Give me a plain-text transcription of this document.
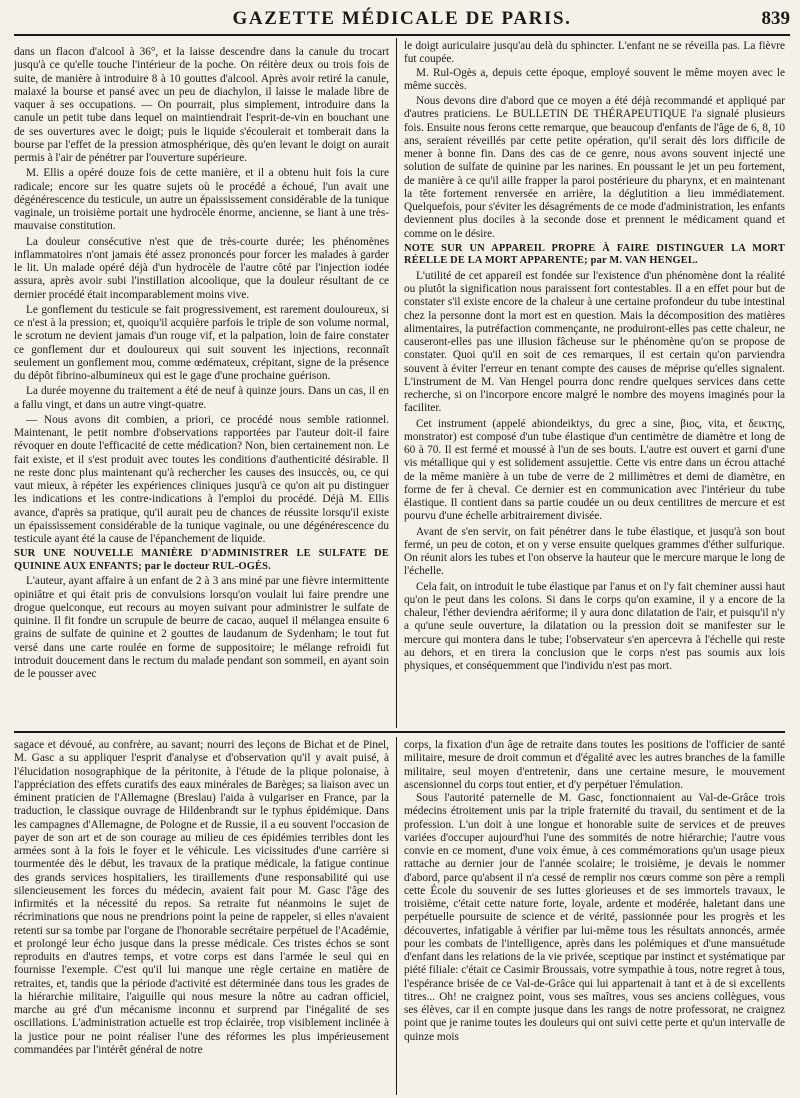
GAZETTE MÉDICALE DE PARIS.	839

dans un flacon d'alcool à 36°, et la laisse descendre dans la canule du trocart jusqu'à ce qu'elle touche l'intérieur de la poche. On réitère deux ou trois fois de suite, de manière à introduire 8 à 10 gouttes d'alcool. Après avoir retiré la canule, malaxé la bourse et pansé avec un peu de diachylon, il laisse le malade libre de vaquer à ses occupations. — On pourrait, plus simplement, introduire dans la canule un petit tube dans lequel on maintiendrait l'esprit-de-vin en bouchant une de ses ouvertures avec le doigt; puis le liquide s'écoulerait et tomberait dans la bourse par l'effet de la pression atmosphérique, dès qu'en levant le doigt on aurait permis à l'air de pénétrer par l'ouverture supérieure.

M. Ellis a opéré douze fois de cette manière, et il a obtenu huit fois la cure radicale; encore sur les quatre sujets où le procédé a échoué, l'un avait une dégénérescence du testicule, un autre un épaississement considérable de la tunique vaginale, un troisième portait une hydrocèle énorme, ancienne, se liant à une très-mauvaise constitution.

La douleur consécutive n'est que de très-courte durée; les phénomènes inflammatoires n'ont jamais été assez prononcés pour forcer les malades à garder le lit. Un malade opéré déjà d'un hydrocèle de l'autre côté par l'injection iodée assura, après avoir subi l'instillation alcoolique, que la douleur résultant de ce dernier procédé était incomparablement moins vive.

Le gonflement du testicule se fait progressivement, est rarement douloureux, si ce n'est à la pression; et, quoiqu'il acquière parfois le triple de son volume normal, le scrotum ne devient jamais d'un rouge vif, et la palpation, loin de faire constater ce gonflement dur et douloureux qui suit souvent les injections, reconnaît seulement un gonflement mou, comme œdémateux, crépitant, signe de la présence du dépôt fibrino-albumineux qui est le gage d'une prochaine guérison.

La durée moyenne du traitement a été de neuf à quinze jours. Dans un cas, il en a fallu vingt, et dans un autre vingt-quatre.

— Nous avons dit combien, a priori, ce procédé nous semble rationnel. Maintenant, le petit nombre d'observations rapportées par l'auteur doit-il faire révoquer en doute l'efficacité de cette médication? Non, bien certainement non. Le fait existe, et il s'est produit avec toutes les conditions d'authenticité désirable. Il ne reste donc plus maintenant qu'à rechercher les causes des insuccès, ou, ce qui vaut mieux, à répéter les expériences cliniques jusqu'à ce qu'on ait pu distinguer les indications et les contre-indications à l'emploi du procédé. Déjà M. Ellis avance, d'après sa pratique, qu'il aurait peu de chances de réussite lorsqu'il existe un épaississement considérable de la tunique vaginale, ou une dégénérescence du testicule ayant été la cause de l'épanchement de liquide.

SUR UNE NOUVELLE MANIÈRE D'ADMINISTRER LE SULFATE DE QUININE AUX ENFANTS; par le docteur RUL-OGÈS.

L'auteur, ayant affaire à un enfant de 2 à 3 ans miné par une fièvre intermittente opiniâtre et qui était pris de convulsions lorsqu'on voulait lui faire prendre une drogue quelconque, eut recours au moyen suivant pour administrer le sulfate de quinine. Il fit fondre un scrupule de beurre de cacao, auquel il mélangea ensuite 6 grains de sulfate de quinine et 2 gouttes de laudanum de Sydenham; le tout fut versé dans une carte roulée en forme de suppositoire; le mélange refroidi fut introduit doucement dans le rectum du malade pendant son sommeil, en ayant soin de le pousser avec

le doigt auriculaire jusqu'au delà du sphincter. L'enfant ne se réveilla pas. La fièvre fut coupée.

M. Rul-Ogès a, depuis cette époque, employé souvent le même moyen avec le même succès.

Nous devons dire d'abord que ce moyen a été déjà recommandé et appliqué par d'autres praticiens. Le BULLETIN DE THÉRAPEUTIQUE l'a signalé plusieurs fois. Ensuite nous ferons cette remarque, que beaucoup d'enfants de l'âge de 6, 8, 10 ans, seraient réveillés par cette petite opération, qu'il serait dès lors difficile de mener à bonne fin. Dans des cas de ce genre, nous avons souvent injecté une solution de sulfate de quinine par les narines. En poussant le jet un peu fortement, de manière à ce qu'il aille frapper la paroi postérieure du pharynx, et en maintenant la tête fortement renversée en arrière, la déglutition a lieu immédiatement. Quelquefois, pour s'éviter les désagréments de ce mode d'administration, les enfants deviennent plus dociles à la seconde dose et prennent le médicament quand et comme on le désire.

NOTE SUR UN APPAREIL PROPRE À FAIRE DISTINGUER LA MORT RÉELLE DE LA MORT APPARENTE; par M. VAN HENGEL.

L'utilité de cet appareil est fondée sur l'existence d'un phénomène dont la réalité ou plutôt la signification nous paraissent fort contestables. Il a en effet pour but de constater s'il existe encore de la chaleur à une certaine profondeur du tube intestinal chez la personne dont la mort est en question. Mais la décomposition des matières alimentaires, la putréfaction commençante, ne produiront-elles pas cette chaleur, ne causeront-elles pas une illusion fâcheuse sur le phénomène qu'on se propose de constater. Quoi qu'il en soit de ces remarques, il est certain qu'on parviendra souvent à éviter l'erreur en tenant compte des causes de méprise qu'elles signalent. L'instrument de M. Van Hengel pourra donc rendre quelques services dans cette recherche, si on l'incorpore encore malgré le nombre des moyens imaginés pour la faciliter.

Cet instrument (appelé abiondeiktys, du grec a sine, βιος, vita, et δεικτης, monstrator) est composé d'un tube élastique d'un centimètre de diamètre et long de 60 à 70. Il est fermé et moussé à l'un de ses bouts. L'autre est ouvert et garni d'une vis métallique qui y est solidement assujettie. Cette vis entre dans un écrou attaché de la même manière à un tube de verre de 2 millimètres et demi de diamètre, en forme de fer à cheval. Ce dernier est en communication avec l'intérieur du tube élastique. Il contient dans sa partie coudée un ou deux centilitres de mercure et est pourvu d'une échelle arbitrairement divisée.

Avant de s'en servir, on fait pénétrer dans le tube élastique, et jusqu'à son bout fermé, un peu de coton, et on y verse ensuite quelques grammes d'éther sulfurique. On réunit alors les tubes et l'on observe la hauteur que le mercure marque le long de l'échelle.

Cela fait, on introduit le tube élastique par l'anus et on l'y fait cheminer aussi haut qu'on le peut dans les colons. Si dans le corps qu'on examine, il y a encore de la chaleur, l'éther deviendra aériforme; il y aura donc dilatation de l'air, et puisqu'il n'y a qu'une seule ouverture, la dilatation ou la pression doit se manifester sur le mercure qui montera dans le tube; l'observateur s'en apercevra à l'échelle qui reste au dehors, et en tirera la conclusion que le corps n'est pas soumis aux lois physiques, et conséquemment que l'individu n'est pas mort.

sagace et dévoué, au confrère, au savant; nourri des leçons de Bichat et de Pinel, M. Gasc a su appliquer l'esprit d'analyse et d'observation qu'il y avait puisé, à l'élucidation nosographique de la péritonite, à l'étude de la plique polonaise, à l'appréciation des effets curatifs des eaux minérales de Barèges; sa liaison avec un éminent praticien de l'Allemagne (Breslau) l'aida à vulgariser en France, par la traduction, le classique ouvrage de Hildenbrandt sur le typhus épidémique. Dans les campagnes d'Allemagne, de Pologne et de Russie, il a eu souvent l'occasion de payer de son art et de son courage au milieu de ces épidémies terribles dont les armées sont à la fois le foyer et le véhicule. Les vicissitudes d'une carrière si tourmentée dès le début, les travaux de la pratique médicale, la fatigue continue des grands services hospitaliers, les tiraillements d'une responsabilité qui use silencieusement les forces du médecin, avaient fait pour M. Gasc l'âge des infirmités et la nécessité du repos. Sa retraite fut néanmoins le sujet de récriminations que nous ne prendrions point la peine de rappeler, si elles n'avaient retenti sur sa tombe par l'organe de l'honorable secrétaire perpétuel de l'Académie, et prolongé leur écho jusque dans la presse médicale. Ces tristes échos se sont reproduits en d'autres temps, et votre corps est dans l'armée le seul qui en fournisse l'exemple. C'est qu'il lui manque une règle certaine en matière de retraites, et, tandis que la période d'activité est déterminée dans tous les grades de la hiérarchie militaire, l'aiguille qui nous mesure la nôtre au cadran officiel, marche au gré d'un mécanisme inconnu et surprend par l'inégalité de ses oscillations. L'administration actuelle est trop éclairée, trop visiblement inclinée à la justice pour ne point réaliser l'une des réformes les plus impérieusement commandées par l'intérêt général de notre

corps, la fixation d'un âge de retraite dans toutes les positions de l'officier de santé militaire, mesure de droit commun et d'égalité avec les autres branches de la famille militaire, seul moyen d'entretenir, dans une certaine mesure, le mouvement ascensionnel du corps tout entier, et d'y perpétuer l'émulation.

Sous l'autorité paternelle de M. Gasc, fonctionnaient au Val-de-Grâce trois médecins étroitement unis par la triple fraternité du travail, du sentiment et de la profession. L'un doit à une longue et honorable suite de services et de preuves variées d'occuper aujourd'hui l'une des sommités de notre hiérarchie; l'autre vous convie en ce moment, d'une voix émue, à ces commémorations qu'un usage pieux rattache au dernier jour de l'année scolaire; le troisième, je devais le nommer d'abord, parce qu'absent il n'a cessé de remplir nos cœurs comme son père a rempli cette École du souvenir de ses luttes glorieuses et de ses immortels travaux, le troisième, c'était cette nature forte, loyale, ardente et modérée, haletant dans une perpétuelle poursuite de science et de vérité, passionnée pour les progrès et les découvertes, infatigable à vérifier par lui-même tous les résultats annoncés, armée pour les combats de l'intelligence, après dans les polémiques et d'une mansuétude d'enfant dans les relations de la vie privée, sceptique par instinct et systématique par piété filiale: c'était ce Casimir Broussais, votre sympathie à tous, notre regret à tous, l'espérance brisée de ce Val-de-Grâce qui lui appartenait à tant et à de si excellents titres... Oh! ne craignez point, vous ses maîtres, vous ses anciens collègues, vous ses élèves, car il en compte jusque dans les rangs de notre professorat, ne craignez point que je ranime toutes les douleurs qui ont suivi cette perte et qu'un intervalle de quinze mois
